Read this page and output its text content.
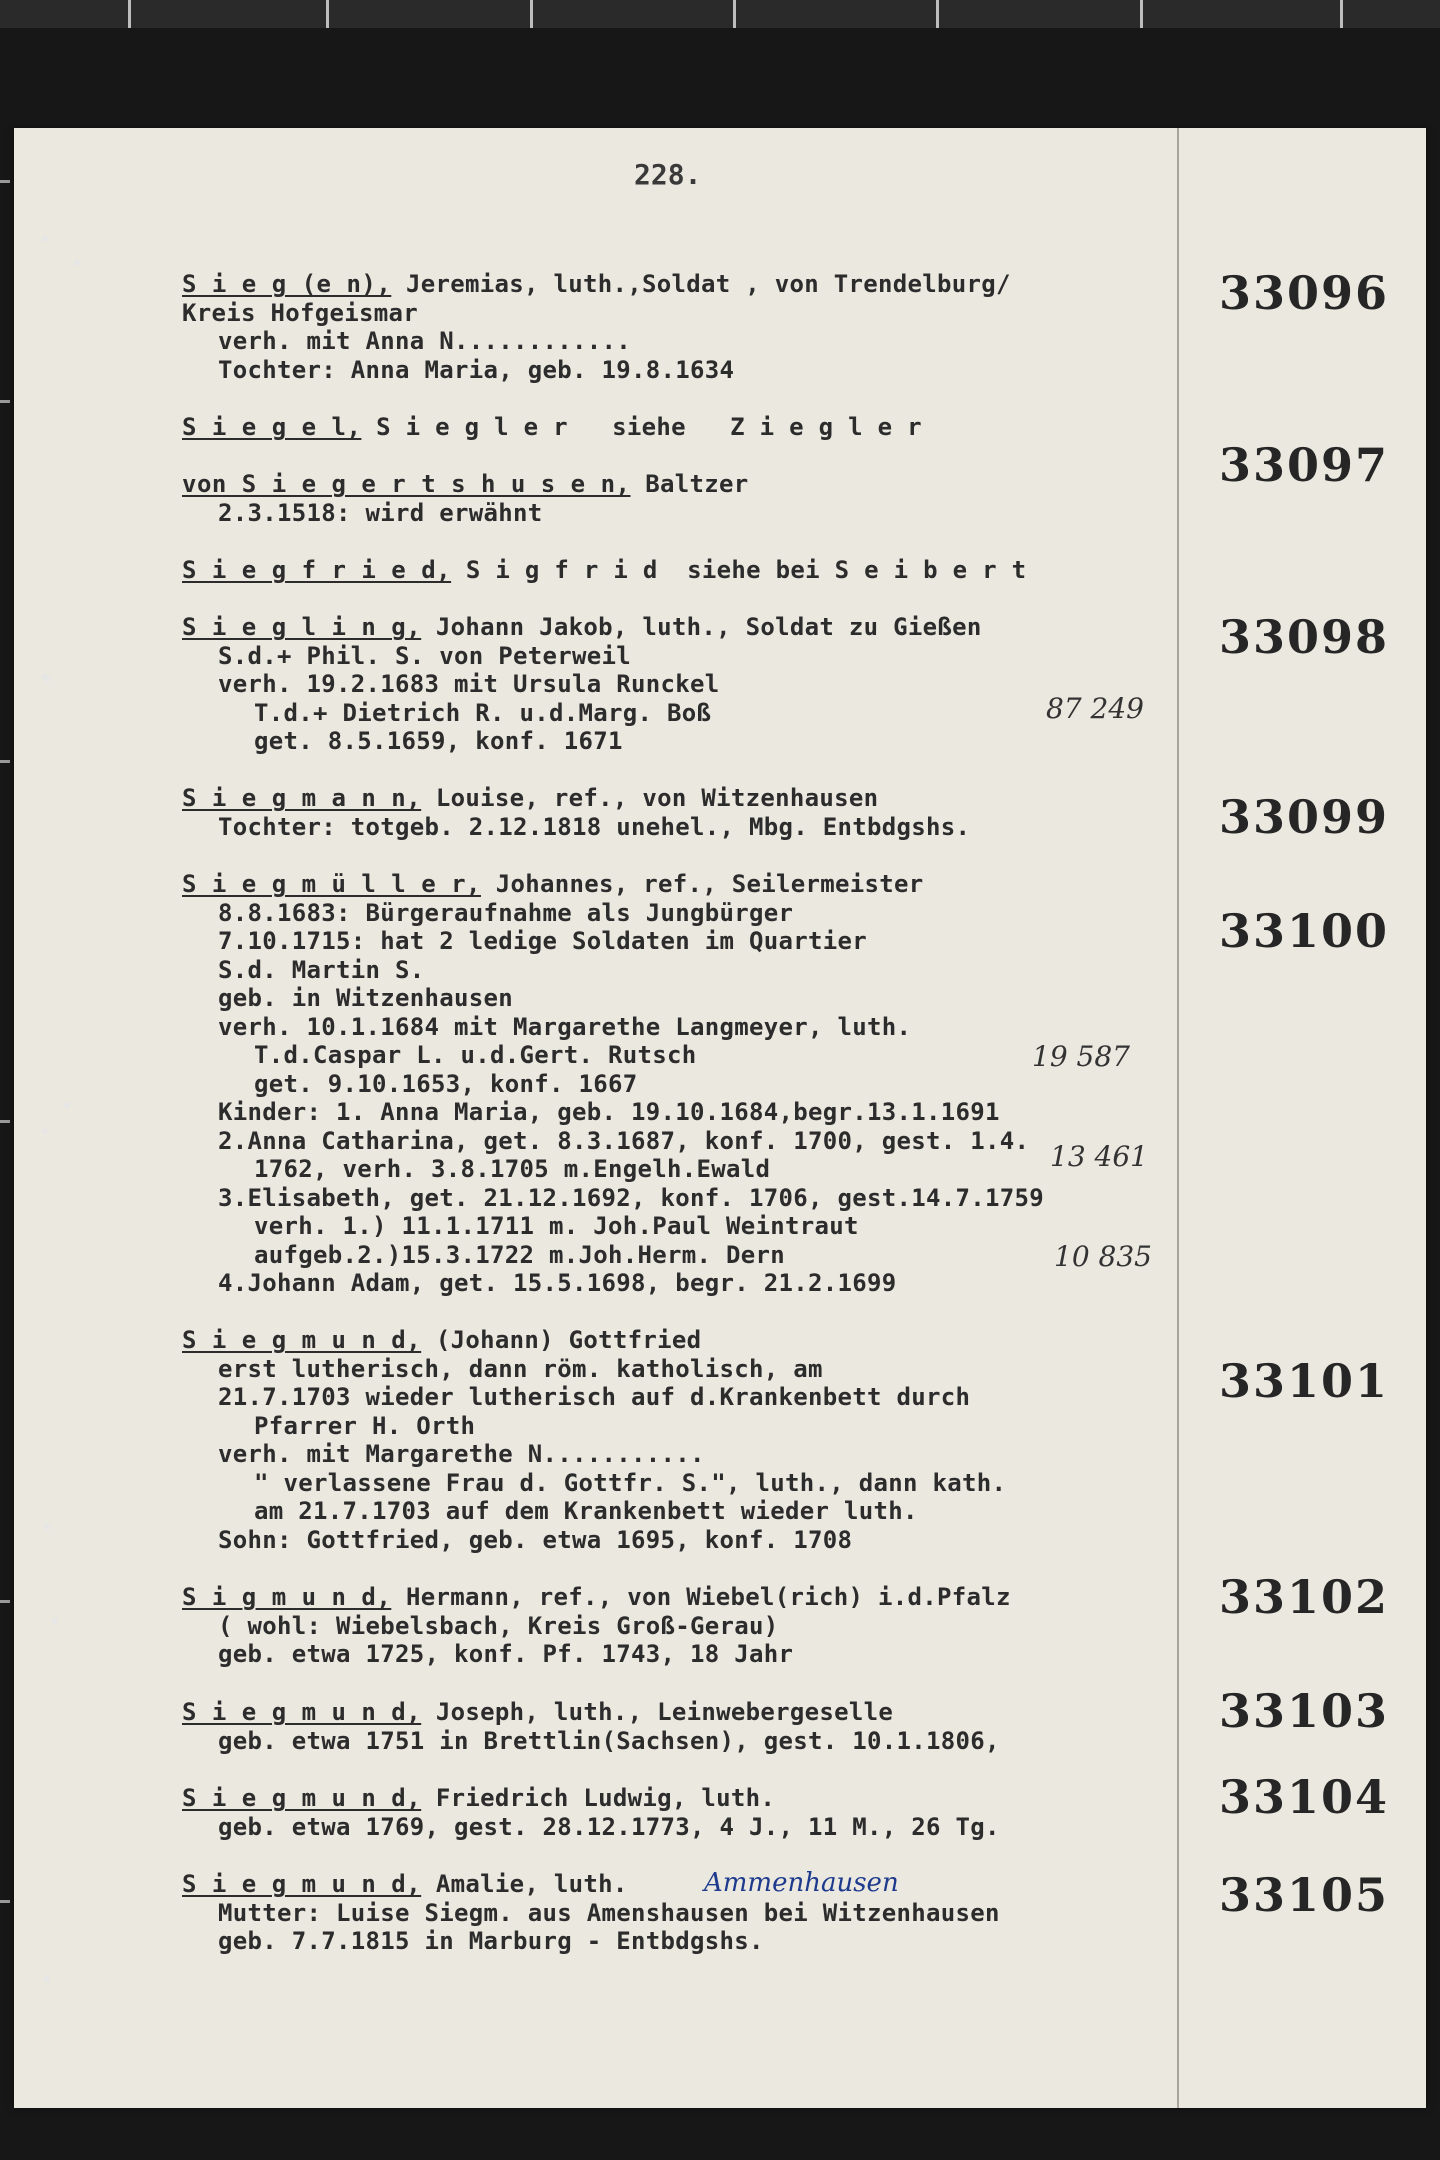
228.
S i e g (e n), Jeremias, luth.,Soldat , von Trendelburg/
Kreis Hofgeismar
verh. mit Anna N............
Tochter: Anna Maria, geb. 19.8.1634
S i e g e l, S i e g l e r   siehe   Z i e g l e r
von S i e g e r t s h u s e n, Baltzer
2.3.1518: wird erwähnt
S i e g f r i e d, S i g f r i d  siehe bei S e i b e r t
S i e g l i n g, Johann Jakob, luth., Soldat zu Gießen
S.d.+ Phil. S. von Peterweil
verh. 19.2.1683 mit Ursula Runckel
T.d.+ Dietrich R. u.d.Marg. Boß
get. 8.5.1659, konf. 1671
S i e g m a n n, Louise, ref., von Witzenhausen
Tochter: totgeb. 2.12.1818 unehel., Mbg. Entbdgshs.
S i e g m ü l l e r, Johannes, ref., Seilermeister
8.8.1683: Bürgeraufnahme als Jungbürger
7.10.1715: hat 2 ledige Soldaten im Quartier
S.d. Martin S.
geb. in Witzenhausen
verh. 10.1.1684 mit Margarethe Langmeyer, luth.
T.d.Caspar L. u.d.Gert. Rutsch
get. 9.10.1653, konf. 1667
Kinder: 1. Anna Maria, geb. 19.10.1684,begr.13.1.1691
2.Anna Catharina, get. 8.3.1687, konf. 1700, gest. 1.4.
1762, verh. 3.8.1705 m.Engelh.Ewald
3.Elisabeth, get. 21.12.1692, konf. 1706, gest.14.7.1759
verh. 1.) 11.1.1711 m. Joh.Paul Weintraut
aufgeb.2.)15.3.1722 m.Joh.Herm. Dern
4.Johann Adam, get. 15.5.1698, begr. 21.2.1699
S i e g m u n d, (Johann) Gottfried
erst lutherisch, dann röm. katholisch, am
21.7.1703 wieder lutherisch auf d.Krankenbett durch
Pfarrer H. Orth
verh. mit Margarethe N...........
" verlassene Frau d. Gottfr. S.", luth., dann kath.
am 21.7.1703 auf dem Krankenbett wieder luth.
Sohn: Gottfried, geb. etwa 1695, konf. 1708
S i g m u n d, Hermann, ref., von Wiebel(rich) i.d.Pfalz
( wohl: Wiebelsbach, Kreis Groß-Gerau)
geb. etwa 1725, konf. Pf. 1743, 18 Jahr
S i e g m u n d, Joseph, luth., Leinwebergeselle
geb. etwa 1751 in Brettlin(Sachsen), gest. 10.1.1806,
S i e g m u n d, Friedrich Ludwig, luth.
geb. etwa 1769, gest. 28.12.1773, 4 J., 11 M., 26 Tg.
S i e g m u n d, Amalie, luth.
Mutter: Luise Siegm. aus Amenshausen bei Witzenhausen
geb. 7.7.1815 in Marburg - Entbdgshs.
33096
33097
33098
33099
33100
33101
33102
33103
33104
33105
87 249
19 587
13 461
10 835
Ammenhausen
